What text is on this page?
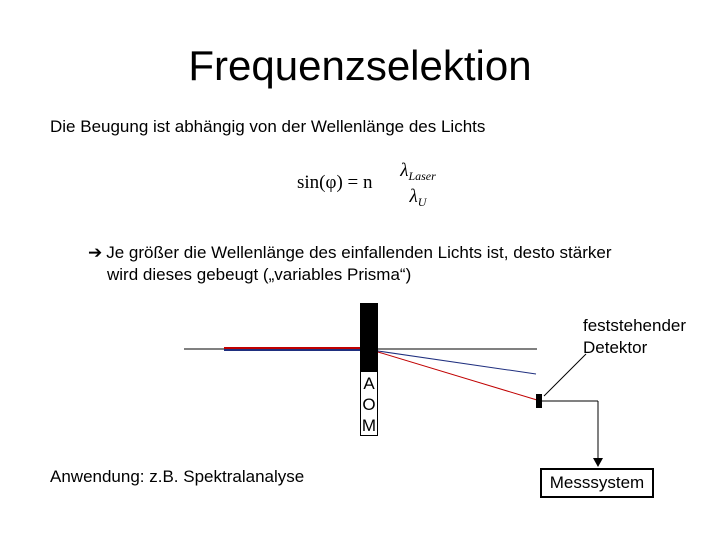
Frequenzselektion
Die Beugung ist abhängig von der Wellenlänge des Lichts
sin(φ) = n
$\lambda_{Laser}$
$\lambda_U$
➔ Je größer die Wellenlänge des einfallenden Lichts ist, desto stärker
wird dieses gebeugt („variables Prisma“)
A
O
M
feststehender
Detektor
Anwendung: z.B. Spektralanalyse	Messsystem
